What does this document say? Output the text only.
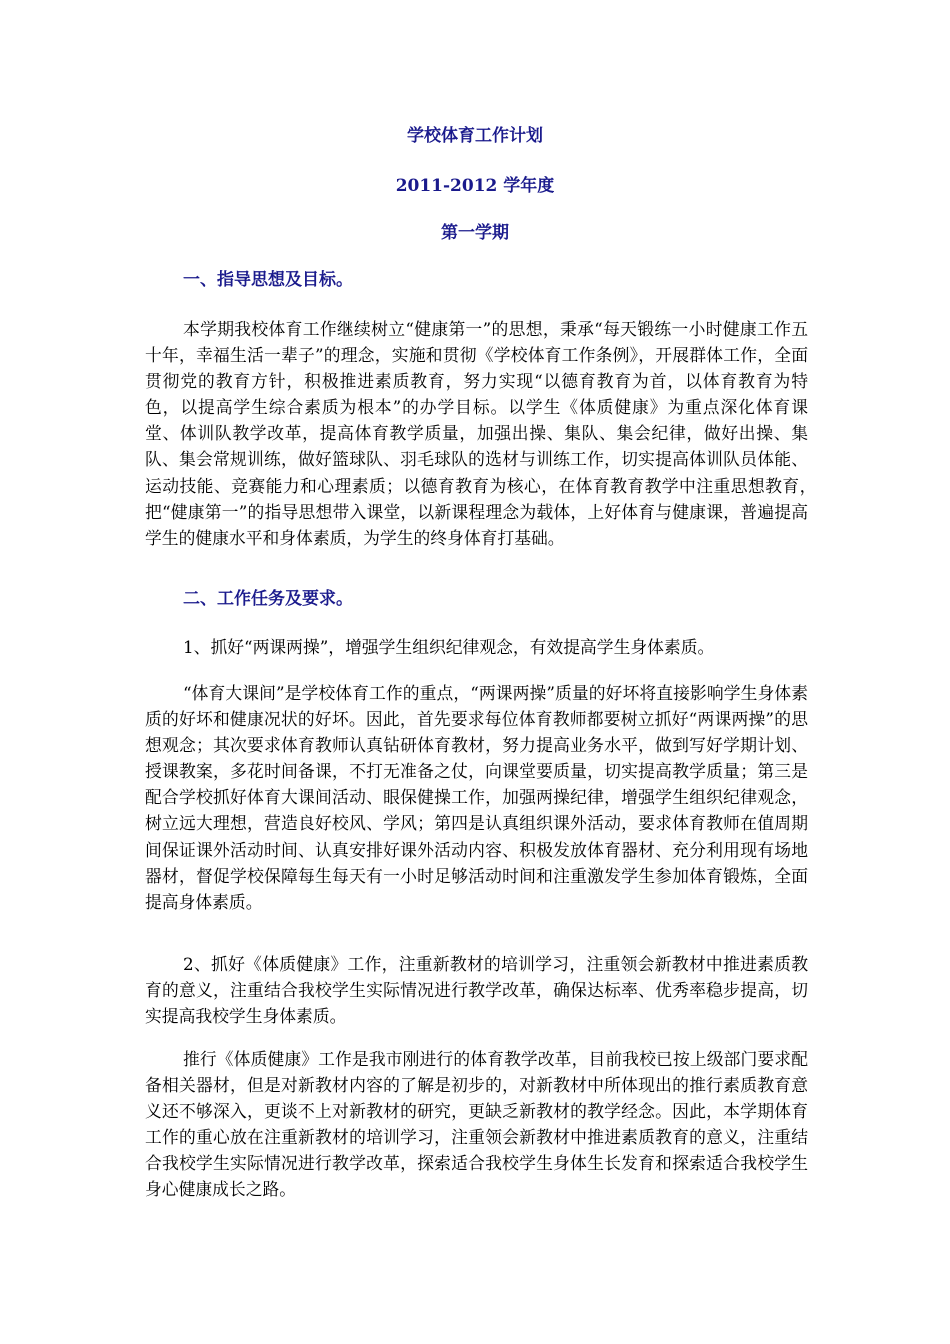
学校体育工作计划
2011-2012 学年度
第一学期
一、指导思想及目标。

本学期我校体育工作继续树立“健康第一”的思想，秉承“每天锻练一小时健康工作五十年，幸福生活一辈子”的理念，实施和贯彻《学校体育工作条例》，开展群体工作，全面贯彻党的教育方针，积极推进素质教育，努力实现“以德育教育为首，以体育教育为特色，以提高学生综合素质为根本”的办学目标。以学生《体质健康》为重点深化体育课堂、体训队教学改革，提高体育教学质量，加强出操、集队、集会纪律，做好出操、集队、集会常规训练，做好篮球队、羽毛球队的选材与训练工作，切实提高体训队员体能、运动技能、竞赛能力和心理素质；以德育教育为核心，在体育教育教学中注重思想教育，　把“健康第一”的指导思想带入课堂，以新课程理念为载体，上好体育与健康课，普遍提高学生的健康水平和身体素质，为学生的终身体育打基础。

二、工作任务及要求。

1、抓好“两课两操”，增强学生组织纪律观念，有效提高学生身体素质。

“体育大课间”是学校体育工作的重点，“两课两操”质量的好坏将直接影响学生身体素质的好坏和健康况状的好坏。因此，首先要求每位体育教师都要树立抓好“两课两操”的思想观念；其次要求体育教师认真钻研体育教材，努力提高业务水平，做到写好学期计划、授课教案，多花时间备课，不打无准备之仗，向课堂要质量，切实提高教学质量；第三是配合学校抓好体育大课间活动、眼保健操工作，加强两操纪律，增强学生组织纪律观念，树立远大理想，营造良好校风、学风；第四是认真组织课外活动，要求体育教师在值周期间保证课外活动时间、认真安排好课外活动内容、积极发放体育器材、充分利用现有场地器材，督促学校保障每生每天有一小时足够活动时间和注重激发学生参加体育锻炼，全面提高身体素质。

2、抓好《体质健康》工作，注重新教材的培训学习，注重领会新教材中推进素质教育的意义，注重结合我校学生实际情况进行教学改革，确保达标率、优秀率稳步提高，切实提高我校学生身体素质。

推行《体质健康》工作是我市刚进行的体育教学改革，目前我校已按上级部门要求配备相关器材，但是对新教材内容的了解是初步的，对新教材中所体现出的推行素质教育意义还不够深入，更谈不上对新教材的研究，更缺乏新教材的教学经念。因此，本学期体育工作的重心放在注重新教材的培训学习，注重领会新教材中推进素质教育的意义，注重结合我校学生实际情况进行教学改革，探索适合我校学生身体生长发育和探索适合我校学生身心健康成长之路。
